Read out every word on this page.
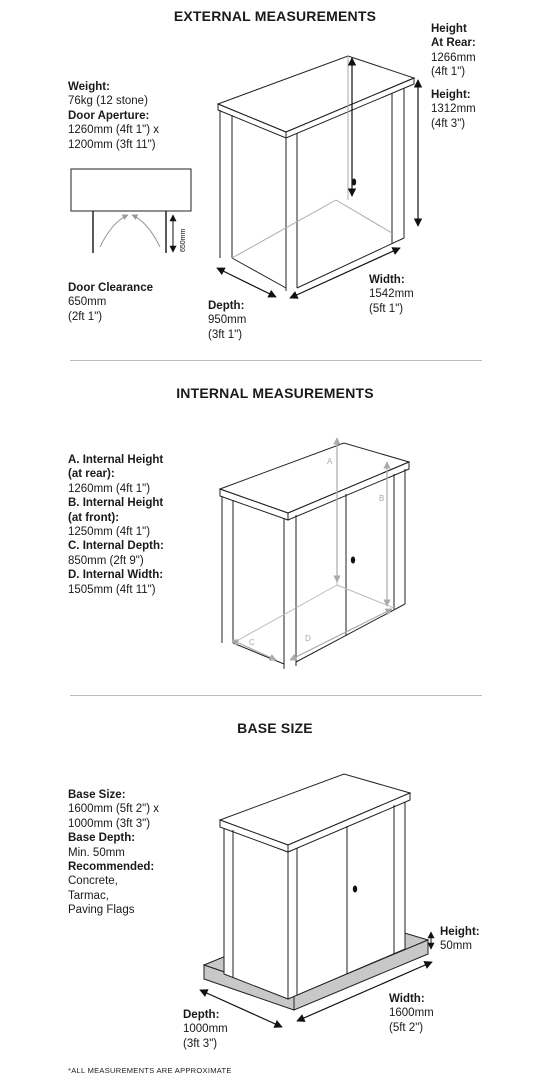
EXTERNAL MEASUREMENTS
Weight:
76kg (12 stone)
Door Aperture:
1260mm (4ft 1") x
1200mm (3ft 11")
Door Clearance
650mm
(2ft 1")
Height
At Rear:
1266mm
(4ft 1")
Height:
1312mm
(4ft 3")
Width:
1542mm
(5ft 1")
Depth:
950mm
(3ft 1")
650mm
INTERNAL MEASUREMENTS
A. Internal Height
(at rear):
1260mm (4ft 1")
B. Internal Height
(at front):
1250mm (4ft 1")
C. Internal Depth:
850mm (2ft 9")
D. Internal Width:
1505mm (4ft 11")
A
B
C	D
BASE SIZE
Base Size:
1600mm (5ft 2") x
1000mm (3ft 3")
Base Depth:
Min. 50mm
Recommended:
Concrete,
Tarmac,
Paving Flags
Height:
50mm
Width:
1600mm
(5ft 2")
Depth:
1000mm
(3ft 3")
*ALL MEASUREMENTS ARE APPROXIMATE
